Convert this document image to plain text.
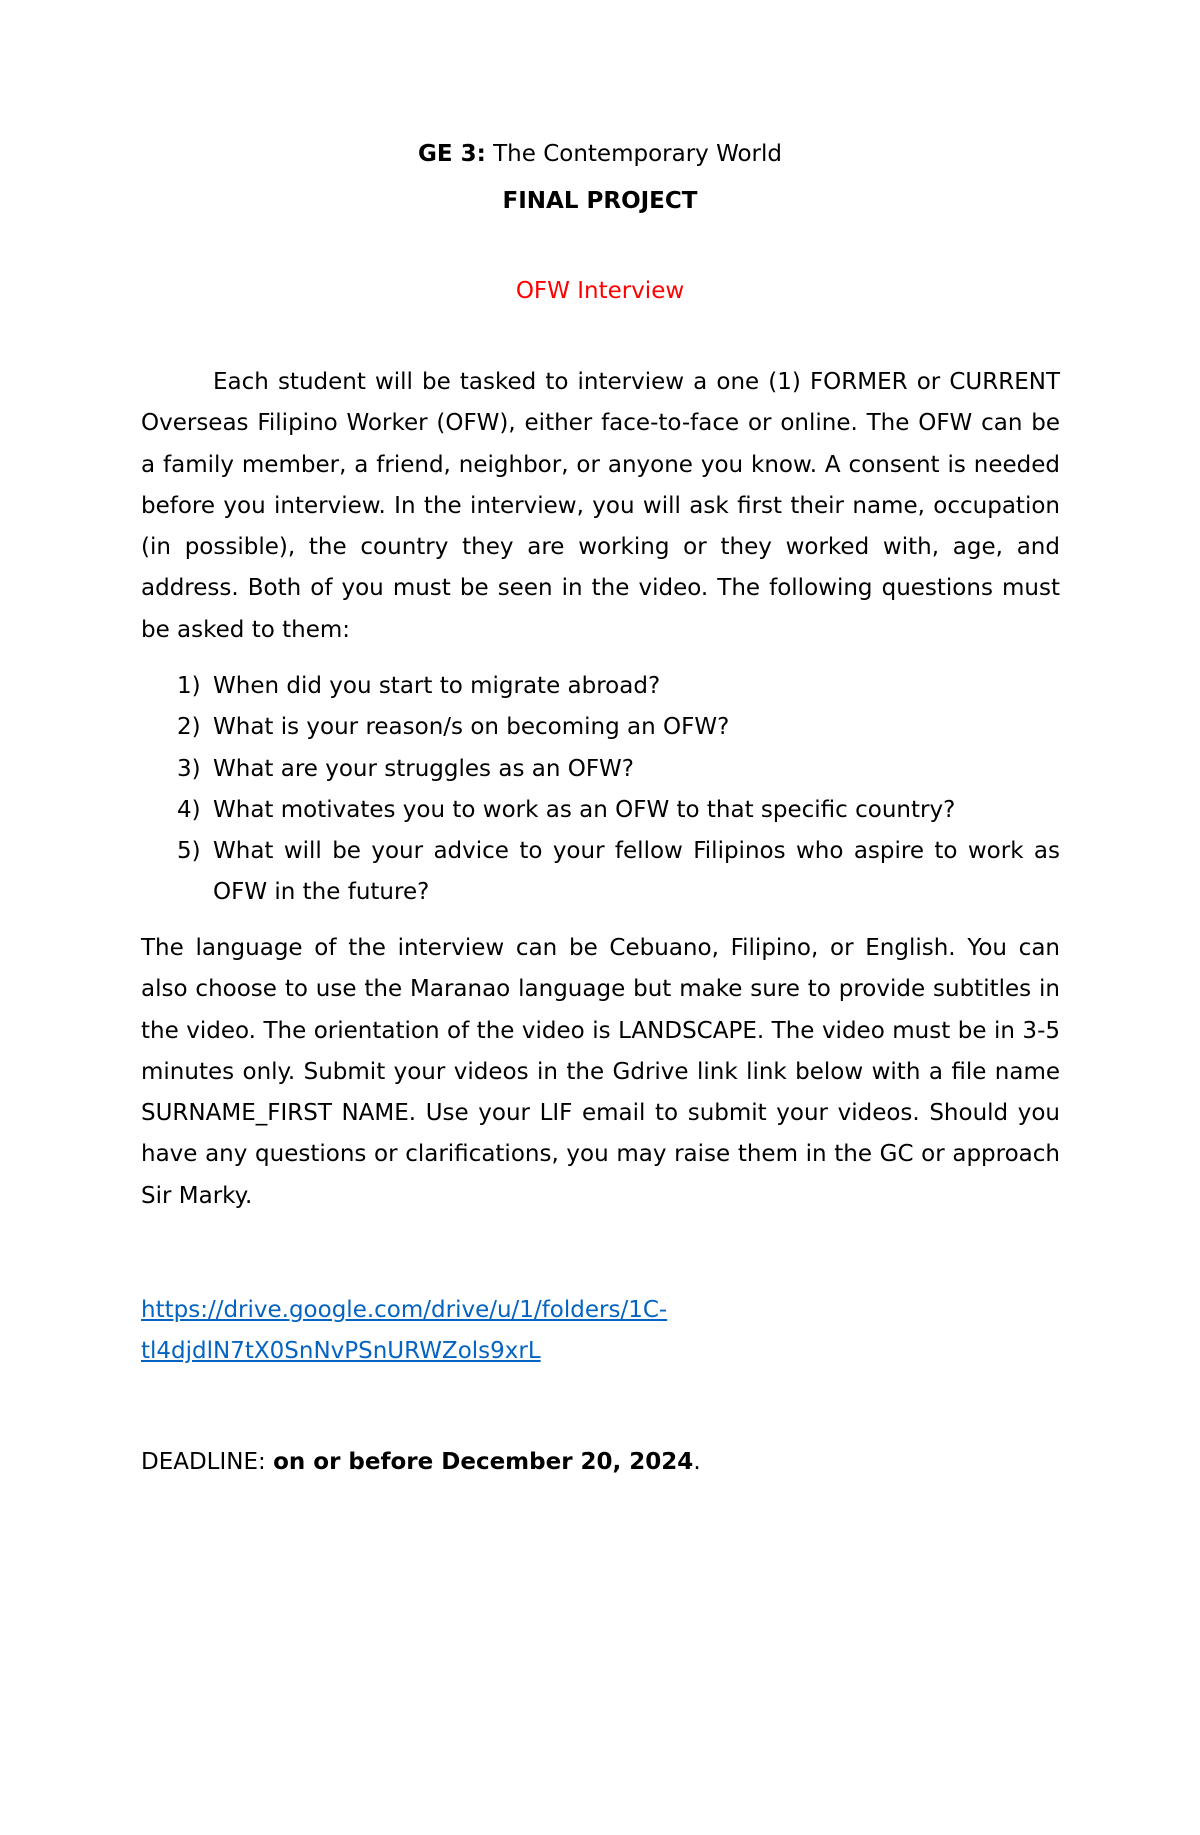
GE 3: The Contemporary World
FINAL PROJECT
OFW Interview
Each student will be tasked to interview a one (1) FORMER or CURRENT Overseas Filipino Worker (OFW), either face-to-face or online. The OFW can be a family member, a friend, neighbor, or anyone you know. A consent is needed before you interview. In the interview, you will ask first their name, occupation (in possible), the country they are working or they worked with, age, and address. Both of you must be seen in the video. The following questions must be asked to them:
1) When did you start to migrate abroad?
2) What is your reason/s on becoming an OFW?
3) What are your struggles as an OFW?
4) What motivates you to work as an OFW to that specific country?
5) What will be your advice to your fellow Filipinos who aspire to work as OFW in the future?
The language of the interview can be Cebuano, Filipino, or English. You can also choose to use the Maranao language but make sure to provide subtitles in the video. The orientation of the video is LANDSCAPE. The video must be in 3-5 minutes only. Submit your videos in the Gdrive link link below with a file name SURNAME_FIRST NAME. Use your LIF email to submit your videos. Should you have any questions or clarifications, you may raise them in the GC or approach Sir Marky.
https://drive.google.com/drive/u/1/folders/1C-
tl4djdlN7tX0SnNvPSnURWZols9xrL
DEADLINE: on or before December 20, 2024.
